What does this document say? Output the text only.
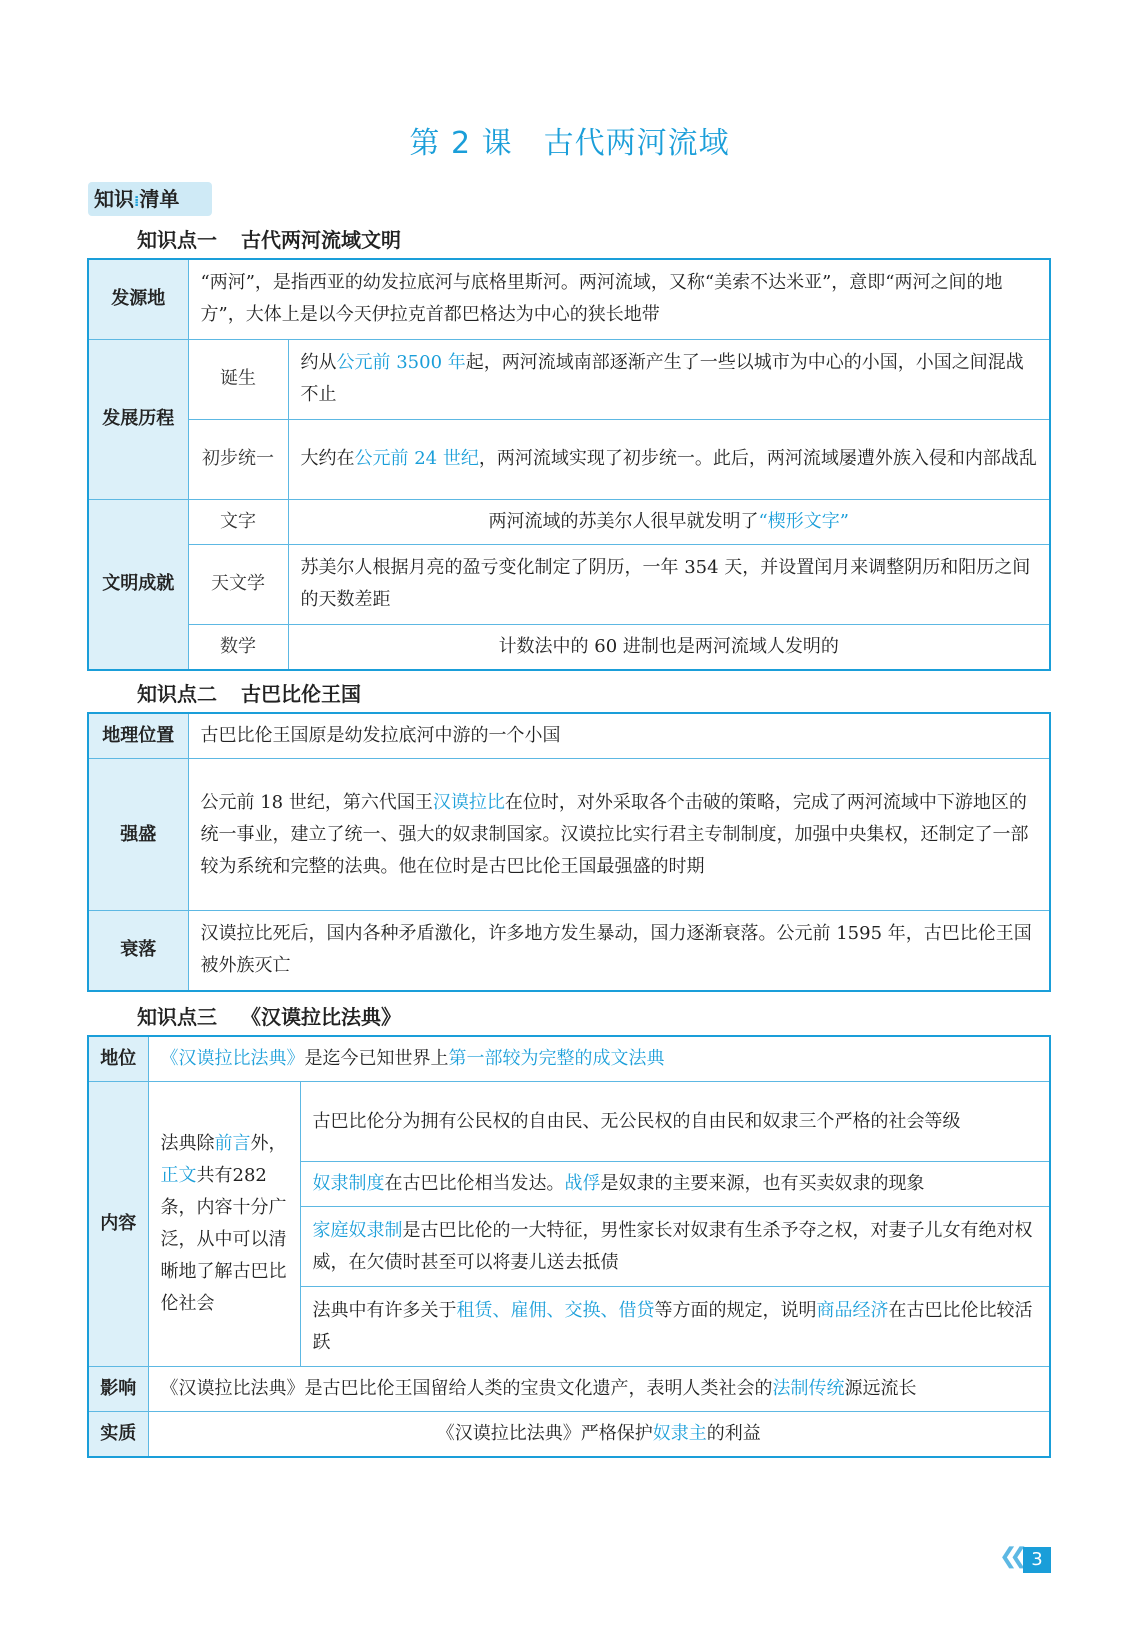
第 2 课　古代两河流域
知识⁞清单
知识点一 古代两河流域文明
发源地	“两河”，是指西亚的幼发拉底河与底格里斯河。两河流域，又称“美索不达米亚”，意即“两河之间的地方”，大体上是以今天伊拉克首都巴格达为中心的狭长地带	
发展历程	诞生	约从公元前 3500 年起，两河流域南部逐渐产生了一些以城市为中心的小国，小国之间混战不止
	初步统一	大约在公元前 24 世纪，两河流域实现了初步统一。此后，两河流域屡遭外族入侵和内部战乱
文明成就	文字	两河流域的苏美尔人很早就发明了“楔形文字”
	天文学	苏美尔人根据月亮的盈亏变化制定了阴历，一年 354 天，并设置闰月来调整阴历和阳历之间的天数差距
	数学	计数法中的 60 进制也是两河流域人发明的
知识点二 古巴比伦王国
地理位置	古巴比伦王国原是幼发拉底河中游的一个小国
强盛	公元前 18 世纪，第六代国王汉谟拉比在位时，对外采取各个击破的策略，完成了两河流域中下游地区的统一事业，建立了统一、强大的奴隶制国家。汉谟拉比实行君主专制制度，加强中央集权，还制定了一部较为系统和完整的法典。他在位时是古巴比伦王国最强盛的时期
衰落	汉谟拉比死后，国内各种矛盾激化，许多地方发生暴动，国力逐渐衰落。公元前 1595 年，古巴比伦王国被外族灭亡
知识点三 《汉谟拉比法典》
地位	《汉谟拉比法典》是迄今已知世界上第一部较为完整的成文法典	
内容	法典除前言外，正文共有282 条，内容十分广泛，从中可以清晰地了解古巴比伦社会	古巴比伦分为拥有公民权的自由民、无公民权的自由民和奴隶三个严格的社会等级
		奴隶制度在古巴比伦相当发达。战俘是奴隶的主要来源，也有买卖奴隶的现象
		家庭奴隶制是古巴比伦的一大特征，男性家长对奴隶有生杀予夺之权，对妻子儿女有绝对权威，在欠债时甚至可以将妻儿送去抵债
		法典中有许多关于租赁、雇佣、交换、借贷等方面的规定，说明商品经济在古巴比伦比较活跃
影响	《汉谟拉比法典》是古巴比伦王国留给人类的宝贵文化遗产，表明人类社会的法制传统源远流长	
实质	《汉谟拉比法典》严格保护奴隶主的利益	
❮❮ 3
